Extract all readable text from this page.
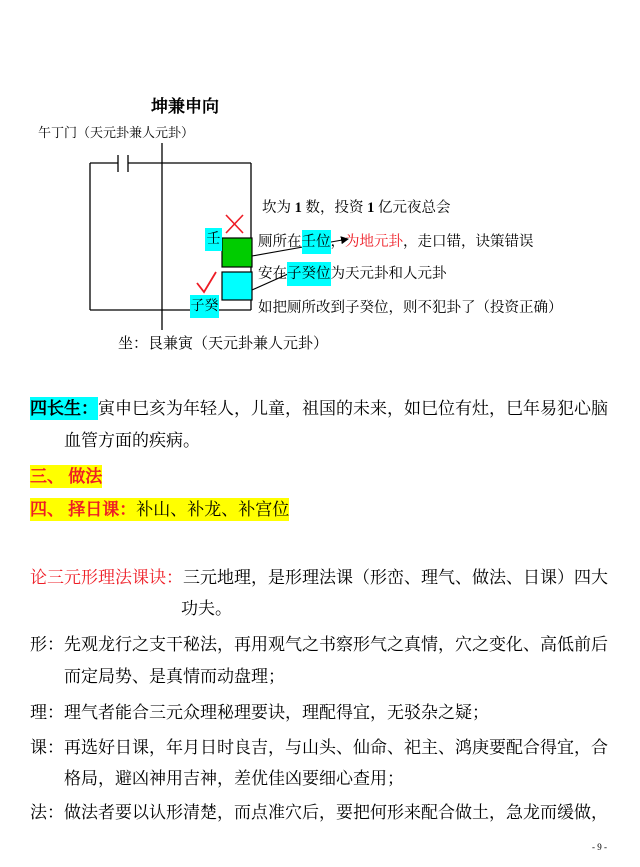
坤兼申向
午丁门（天元卦兼人元卦）
壬
子癸
坎为 1 数，投资 1 亿元夜总会
厕所在壬位，为地元卦，走口错，诀策错误
安在子癸位为天元卦和人元卦
如把厕所改到子癸位，则不犯卦了（投资正确）
坐：艮兼寅（天元卦兼人元卦）
四长生：寅申巳亥为年轻人，儿童，祖国的未来，如巳位有灶，巳年易犯心脑
血管方面的疾病。
三、 做法
四、 择日课：补山、补龙、补宫位
论三元形理法课诀：三元地理，是形理法课（形峦、理气、做法、日课）四大
功夫。
形：先观龙行之支干秘法，再用观气之书察形气之真情，穴之变化、高低前后
而定局势、是真情而动盘理；
理：理气者能合三元众理秘理要诀，理配得宜，无驳杂之疑；
课：再选好日课，年月日时良吉，与山头、仙命、祀主、鸿庚要配合得宜，合
格局，避凶神用吉神，差优佳凶要细心查用；
法：做法者要以认形清楚，而点准穴后，要把何形来配合做土，急龙而缓做，
- 9 -
